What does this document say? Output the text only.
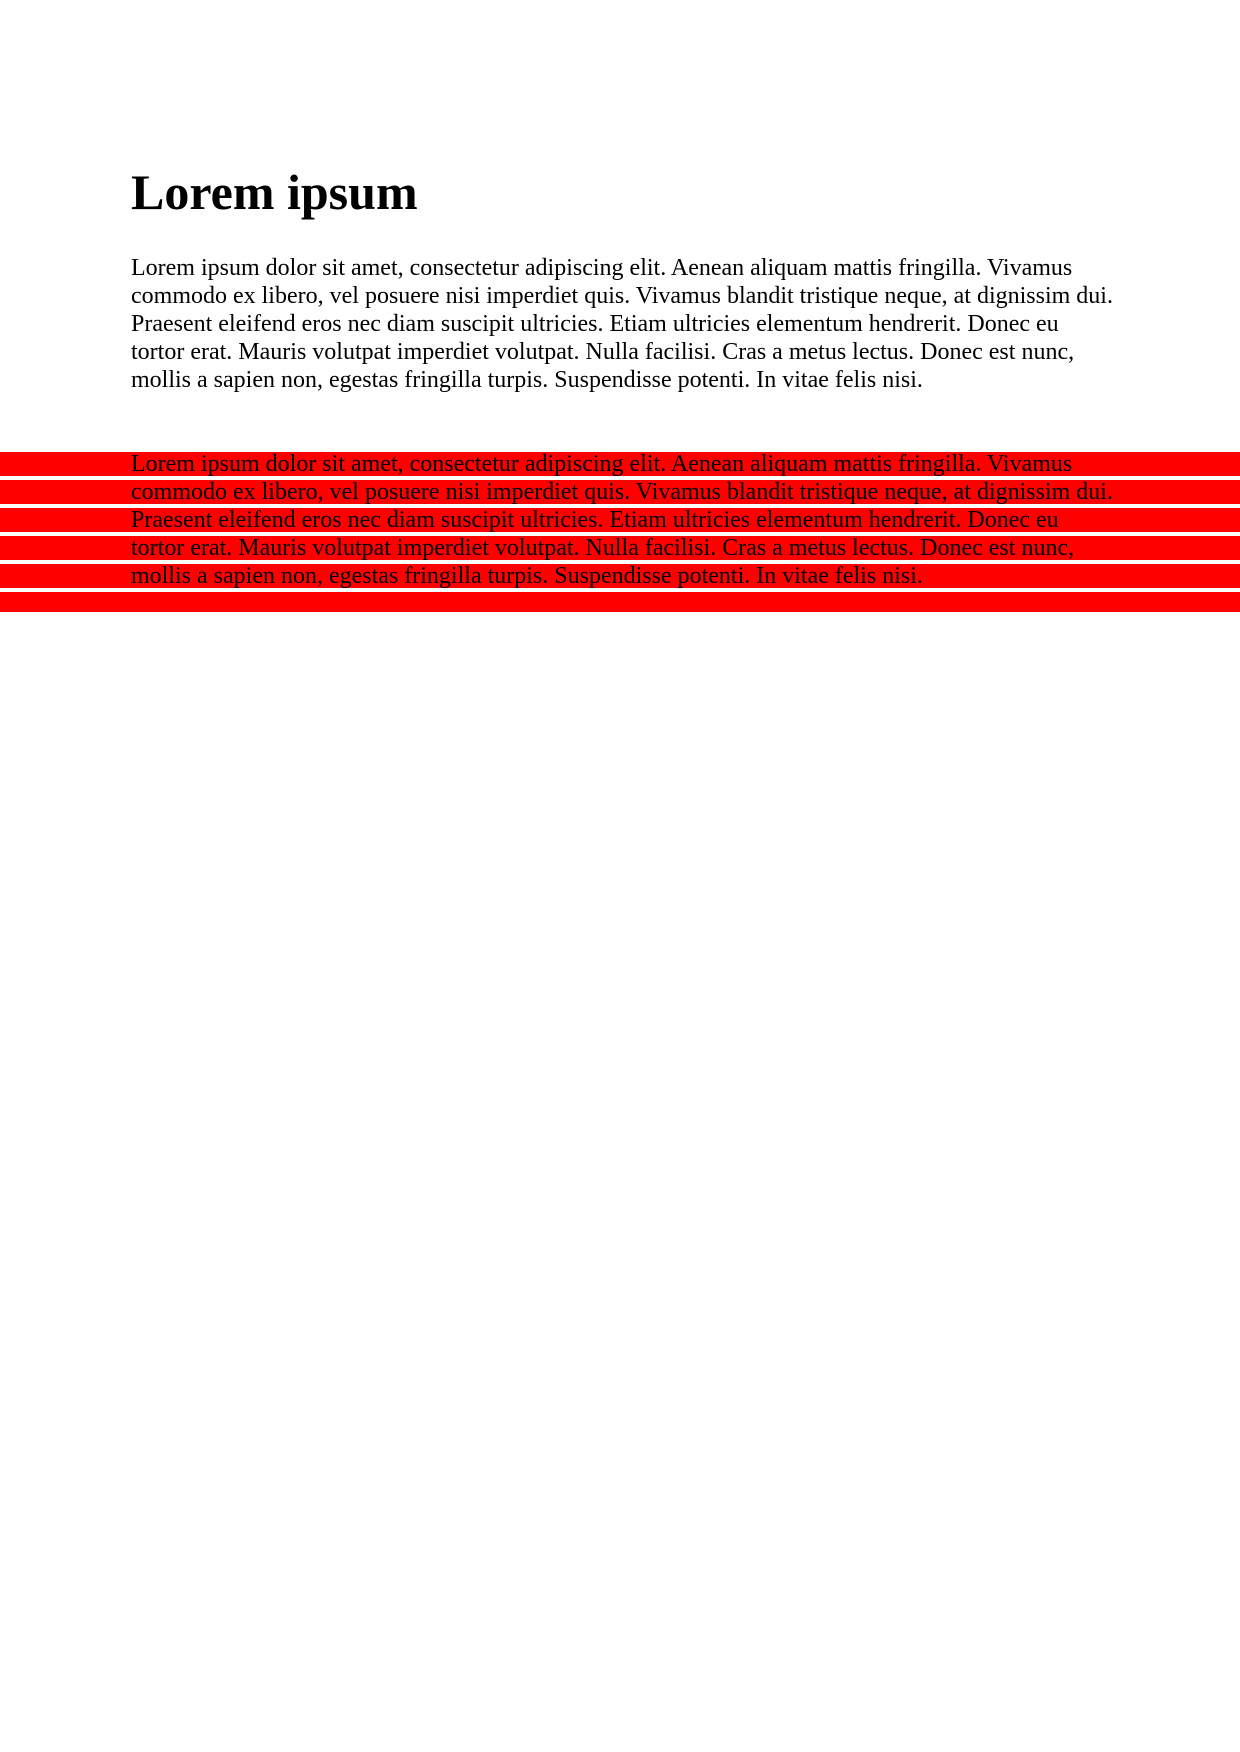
Lorem ipsum

Lorem ipsum dolor sit amet, consectetur adipiscing elit. Aenean aliquam mattis fringilla. Vivamus commodo ex libero, vel posuere nisi imperdiet quis. Vivamus blandit tristique neque, at dignissim dui. Praesent eleifend eros nec diam suscipit ultricies. Etiam ultricies elementum hendrerit. Donec eu tortor erat. Mauris volutpat imperdiet volutpat. Nulla facilisi. Cras a metus lectus. Donec est nunc, mollis a sapien non, egestas fringilla turpis. Suspendisse potenti. In vitae felis nisi.

Lorem ipsum dolor sit amet, consectetur adipiscing elit. Aenean aliquam mattis fringilla. Vivamus commodo ex libero, vel posuere nisi imperdiet quis. Vivamus blandit tristique neque, at dignissim dui. Praesent eleifend eros nec diam suscipit ultricies. Etiam ultricies elementum hendrerit. Donec eu tortor erat. Mauris volutpat imperdiet volutpat. Nulla facilisi. Cras a metus lectus. Donec est nunc, mollis a sapien non, egestas fringilla turpis. Suspendisse potenti. In vitae felis nisi.
